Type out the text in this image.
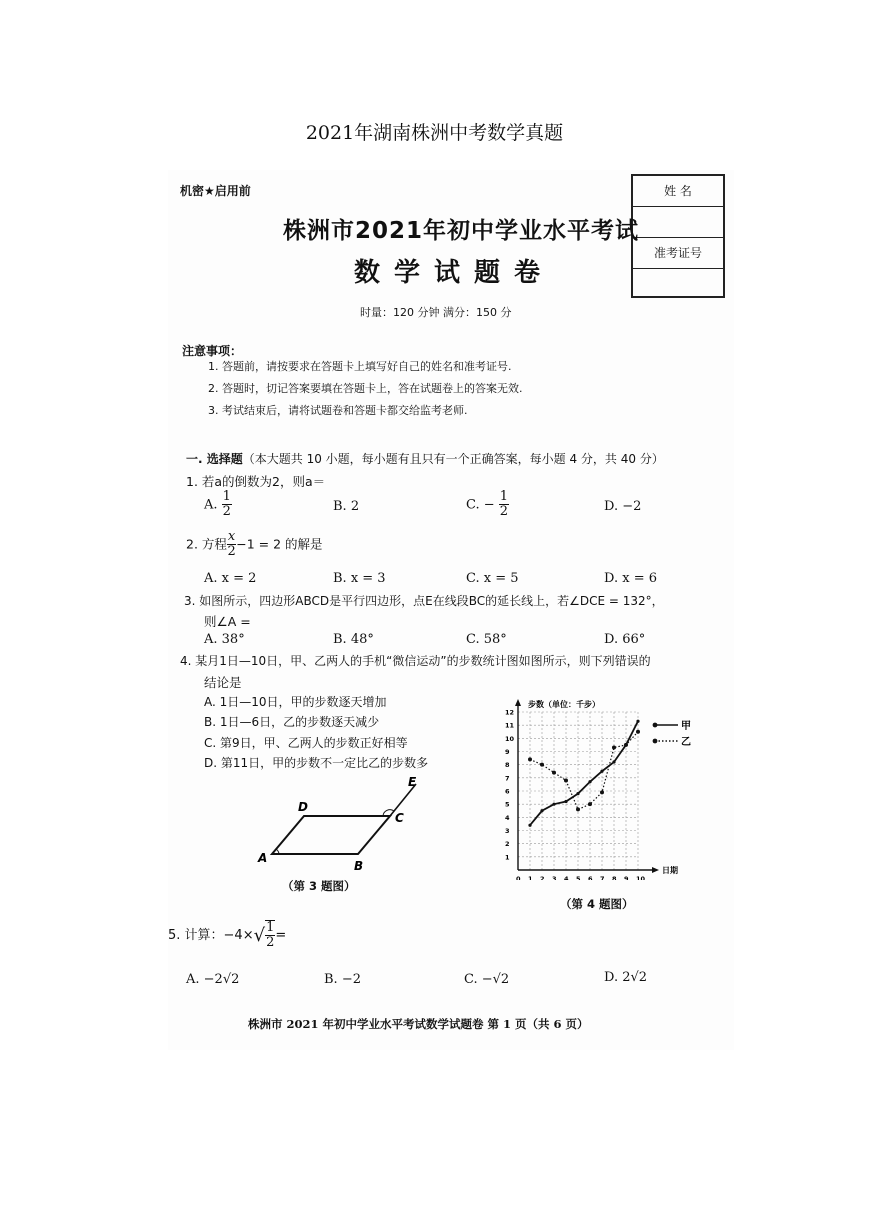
2021年湖南株洲中考数学真题
机密★启用前	姓 名
准考证号
株洲市2021年初中学业水平考试
数学试题卷
时量：120 分钟 满分：150 分
注意事项：
1. 答题前，请按要求在答题卡上填写好自己的姓名和准考证号.
2. 答题时，切记答案要填在答题卡上，答在试题卷上的答案无效.
3. 考试结束后，请将试题卷和答题卡都交给监考老师.
一. 选择题（本大题共 10 小题，每小题有且只有一个正确答案，每小题 4 分，共 40 分）
1. 若a的倒数为2，则a＝
A. $\frac{1}{2}$	B. 2	C. − $\frac{1}{2}$	D. −2
2. 方程 $\frac{x}{2} -1 = 2$ 的解是
A. x = 2	B. x = 3	C. x = 5	D. x = 6
3. 如图所示，四边形ABCD是平行四边形，点E在线段BC的延长线上，若∠DCE = 132°，
则∠A =
A. 38°	B. 48°	C. 58°	D. 66°
4. 某月1日—10日，甲、乙两人的手机“微信运动”的步数统计图如图所示，则下列错误的
结论是
A. 1日—10日，甲的步数逐天增加
B. 1日—6日，乙的步数逐天减少
C. 第9日，甲、乙两人的步数正好相等
D. 第11日，甲的步数不一定比乙的步数多
A
B
C
D
E
（第 3 题图）	0 1 2 3 4 5 6 7 8 9 10
1
2
3
4
5
6
7
8
9
10
11
12
步数（单位：千步）
日期
甲
乙
（第 4 题图）
5. 计算：$-4\times√ \frac{1}{2}$ =
A. −2√2	B. −2	C. −√2	D. 2√2
株洲市 2021 年初中学业水平考试数学试题卷 第 1 页（共 6 页）
